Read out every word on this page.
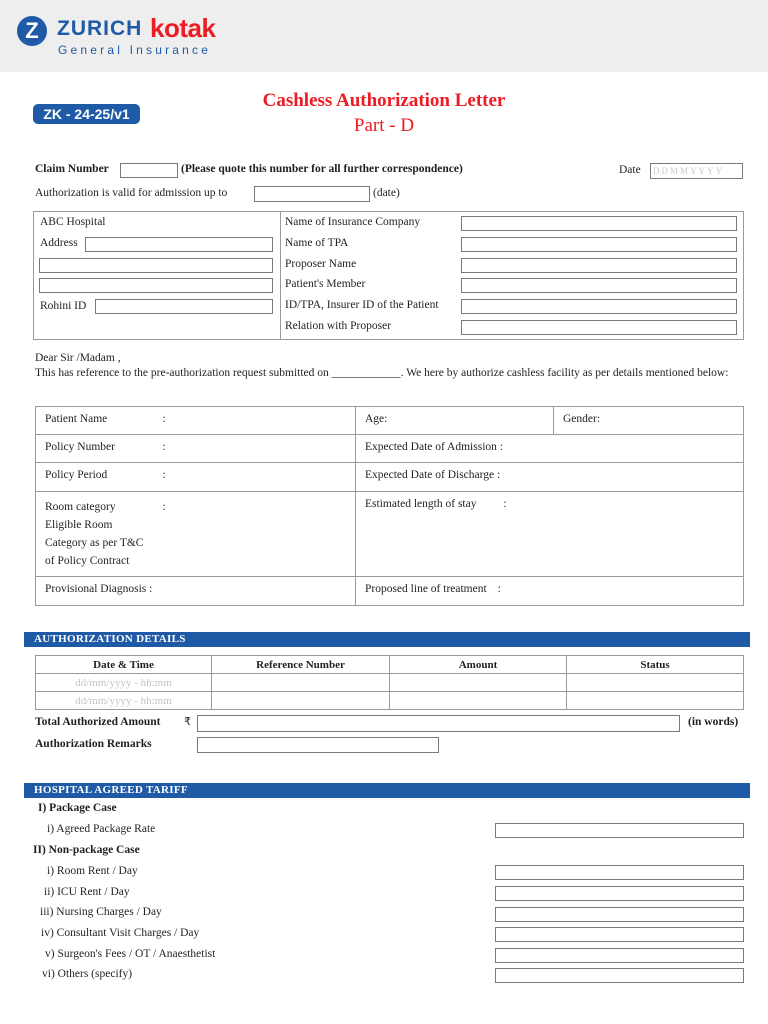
Z ZURICH kotak
General Insurance
ZK - 24-25/v1
Cashless Authorization Letter
Part - D
Claim Number	(Please quote this number for all further correspondence)	Date	DDMMYYYY
Authorization is valid for admission up to	(date)
ABC Hospital
Address
Rohini ID
Name of Insurance Company
Name of TPA
Proposer Name
Patient's Member
ID/TPA, Insurer ID of the Patient
Relation with Proposer
Dear Sir /Madam ,
This has reference to the pre-authorization request submitted on ____________. We here by authorize cashless facility as per details mentioned below:
Patient Name :	Age:	Gender:
Policy Number :	Expected Date of Admission :	
Policy Period :	Expected Date of Discharge :	

Room category :
Eligible Room
Category as per T&C
of Policy Contract	Estimated length of stay :	
Provisional Diagnosis :	Proposed line of treatment :	
AUTHORIZATION DETAILS
Date & Time	Reference Number	Amount	Status
dd/mm/yyyy - hh:mm			
dd/mm/yyyy - hh:mm			
Total Authorized Amount ₹	(in words)
Authorization Remarks
HOSPITAL AGREED TARIFF
I) Package Case
i) Agreed Package Rate
II) Non-package Case
i) Room Rent / Day
ii) ICU Rent / Day
iii) Nursing Charges / Day
iv) Consultant Visit Charges / Day
v) Surgeon's Fees / OT / Anaesthetist
vi) Others (specify)
